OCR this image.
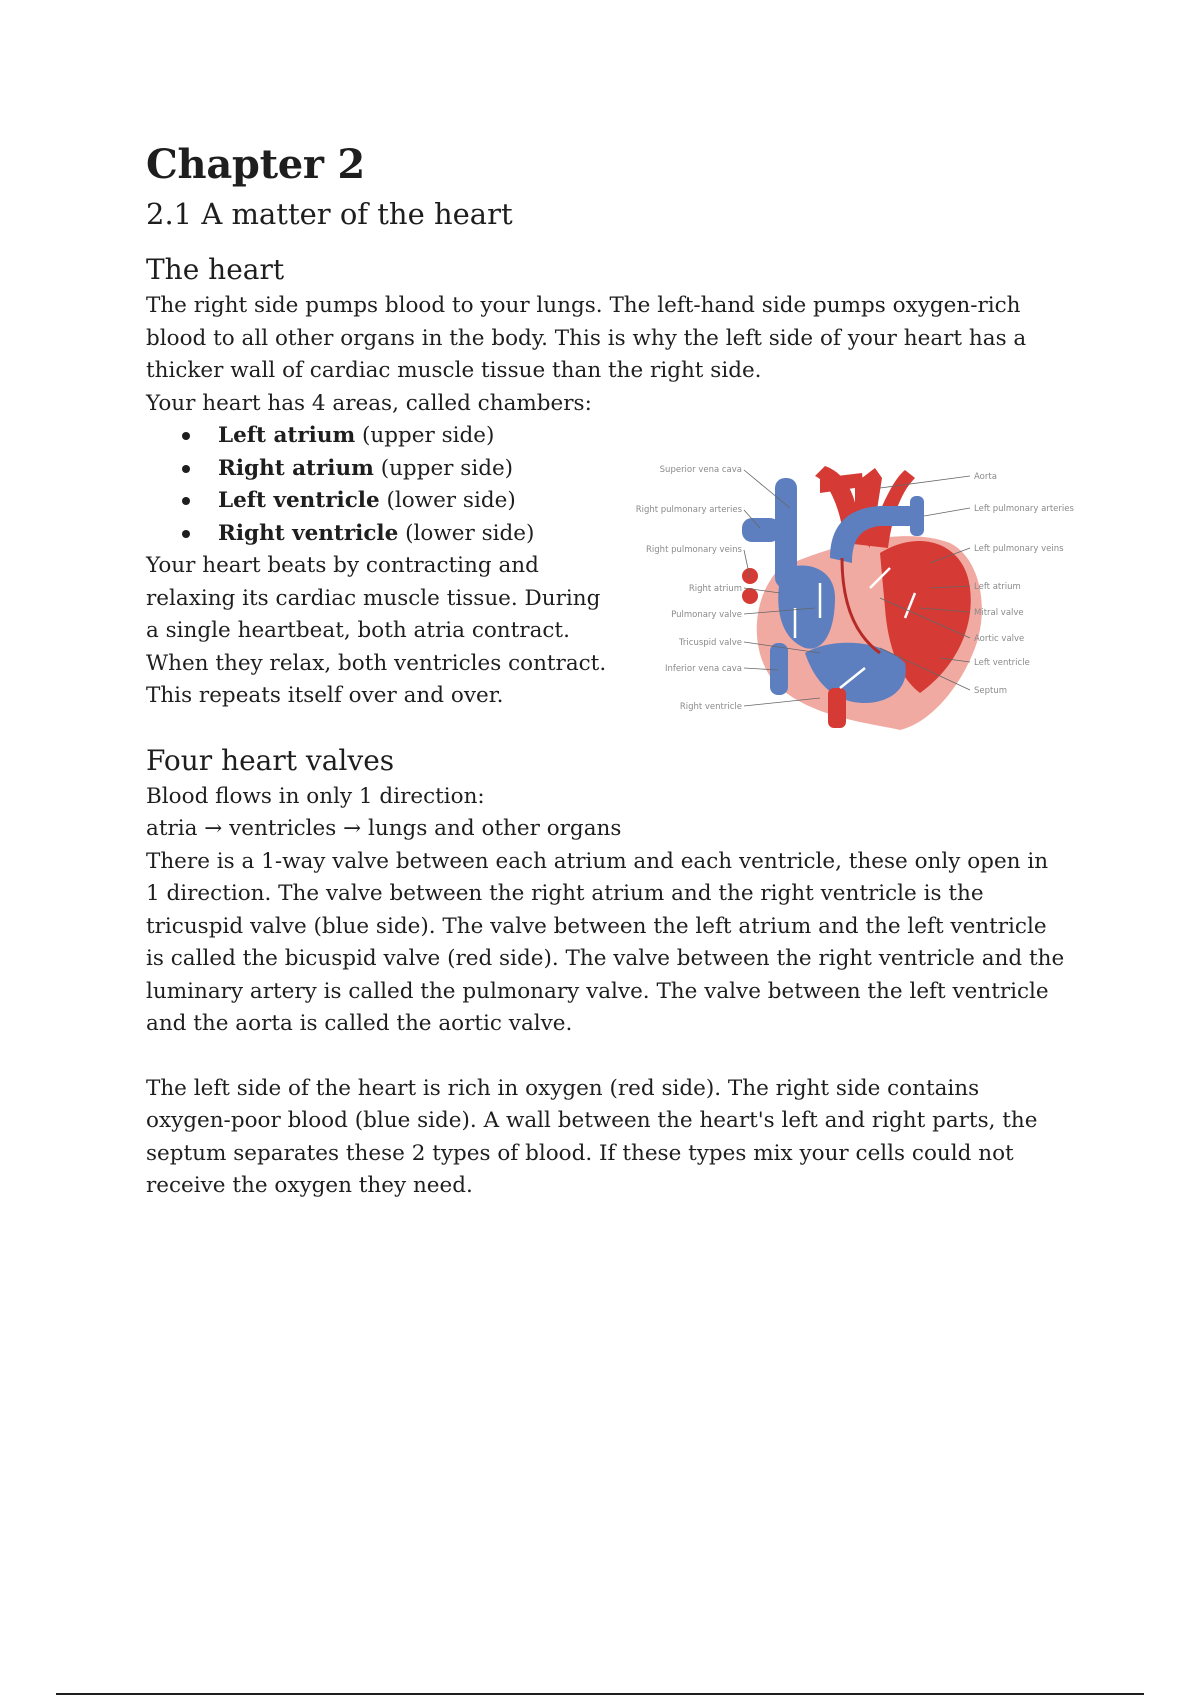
Chapter 2
2.1 A matter of the heart
The heart

The right side pumps blood to your lungs. The left-hand side pumps oxygen-rich blood to all other organs in the body. This is why the left side of your heart has a thicker wall of cardiac muscle tissue than the right side.

Your heart has 4 areas, called chambers:

Left atrium (upper side)
Right atrium (upper side)
Left ventricle (lower side)
Right ventricle (lower side)

Your heart beats by contracting and relaxing its cardiac muscle tissue. During a single heartbeat, both atria contract. When they relax, both ventricles contract. This repeats itself over and over.

Superior vena cava
Right pulmonary arteries
Right pulmonary veins
Right atrium
Pulmonary valve
Tricuspid valve
Inferior vena cava
Right ventricle
Aorta
Left pulmonary arteries
Left pulmonary veins
Left atrium
Mitral valve
Aortic valve
Left ventricle
Septum
Four heart valves

Blood flows in only 1 direction:

atria → ventricles → lungs and other organs

There is a 1-way valve between each atrium and each ventricle, these only open in 1 direction. The valve between the right atrium and the right ventricle is the tricuspid valve (blue side). The valve between the left atrium and the left ventricle is called the bicuspid valve (red side). The valve between the right ventricle and the luminary artery is called the pulmonary valve. The valve between the left ventricle and the aorta is called the aortic valve.

The left side of the heart is rich in oxygen (red side). The right side contains oxygen-poor blood (blue side). A wall between the heart's left and right parts, the septum separates these 2 types of blood. If these types mix your cells could not receive the oxygen they need.
